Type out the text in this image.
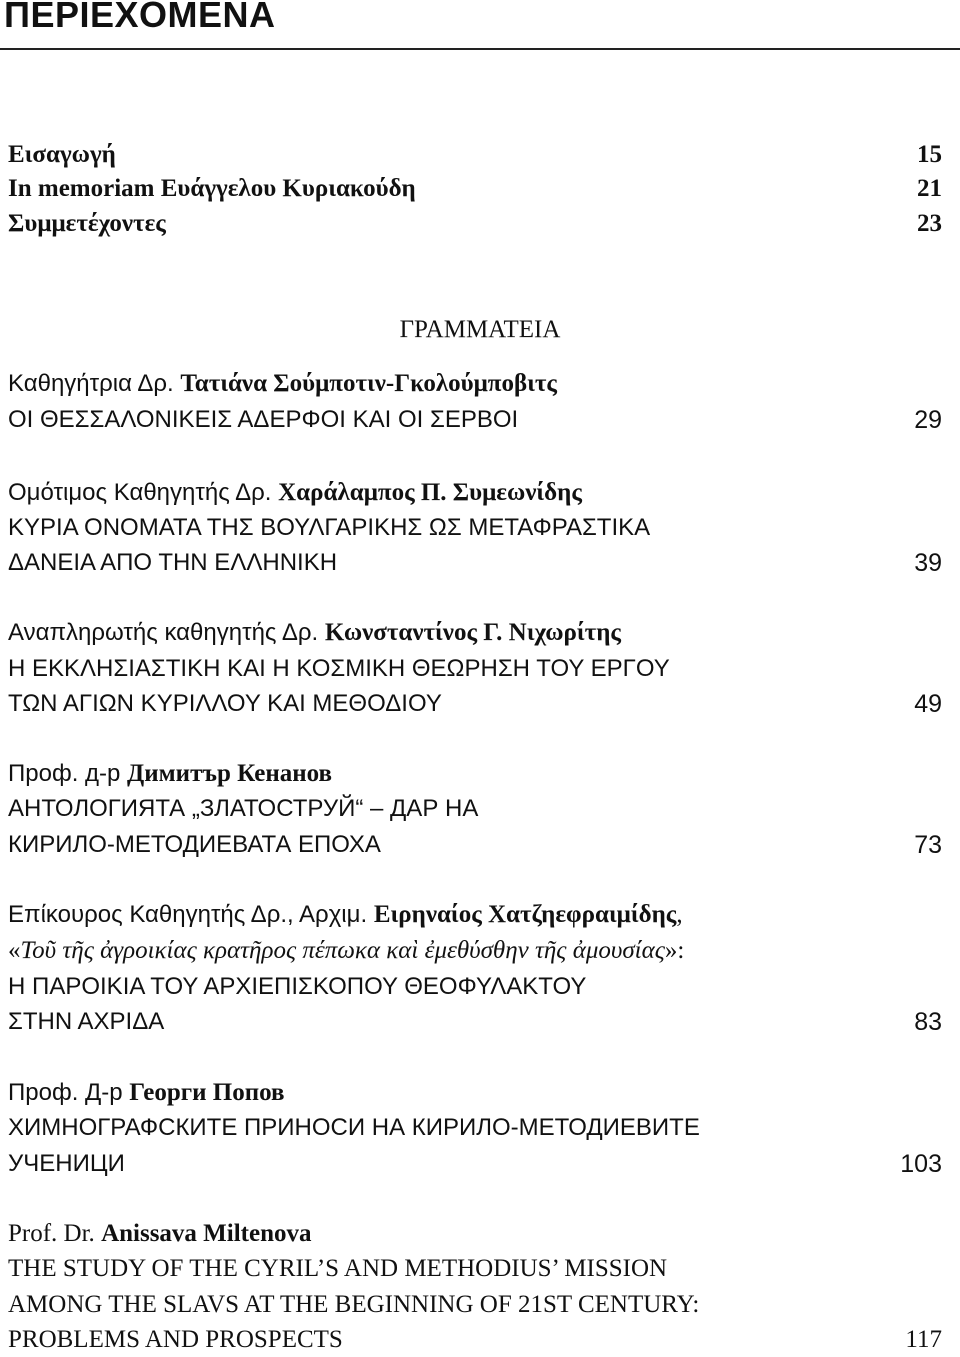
ΠΕΡΙΕΧΟΜΕΝΑ
Εισαγωγή	15
In memoriam Ευάγγελου Κυριακούδη	21
Συμμετέχοντες	23
ΓΡΑΜΜΑΤΕΙΑ
Καθηγήτρια Δρ. Τατιάνα Σούμποτιν-Γκολούμποβιτς
ΟΙ ΘΕΣΣΑΛΟΝΙΚΕΙΣ ΑΔΕΡΦΟΙ ΚΑΙ ΟΙ ΣΕΡΒΟΙ	29
Ομότιμος Καθηγητής Δρ. Χαράλαμπος Π. Συμεωνίδης
ΚΥΡΙΑ ΟΝΟΜΑΤΑ ΤΗΣ ΒΟΥΛΓΑΡΙΚΗΣ ΩΣ ΜΕΤΑΦΡΑΣΤΙΚΑ
ΔΑΝΕΙΑ ΑΠΟ ΤΗΝ ΕΛΛΗΝΙΚΗ	39
Αναπληρωτής καθηγητής Δρ. Κωνσταντίνος Γ. Νιχωρίτης
Η ΕΚΚΛΗΣΙΑΣΤΙΚΗ ΚΑΙ Η ΚΟΣΜΙΚΗ ΘΕΩΡΗΣΗ ΤΟΥ ΕΡΓΟΥ
ΤΩΝ ΑΓΙΩΝ ΚΥΡΙΛΛΟΥ ΚΑΙ ΜΕΘΟΔΙΟΥ	49
Проф. д-р Димитър Кенанов
АНТОЛОГИЯТА „ЗЛАТОСТРУЙ“ – ДАР НА
КИРИЛО-МЕТОДИЕВАТА ЕПОХА	73
Επίκουρος Καθηγητής Δρ., Αρχιμ. Ειρηναίος Χατζηεφραιμίδης,
«Τοῦ τῆς ἀγροικίας κρατῆρος πέπωκα καὶ ἐμεθύσθην τῆς ἀμουσίας»:
Η ΠΑΡΟΙΚΙΑ ΤΟΥ ΑΡΧΙΕΠΙΣΚΟΠΟΥ ΘΕΟΦΥΛΑΚΤΟΥ
ΣΤΗΝ ΑΧΡΙΔΑ	83
Проф. Д-р Георги Попов
ХИМНОГРАФСКИТЕ ПРИНОСИ НА КИРИЛО-МЕТОДИЕВИТЕ
УЧЕНИЦИ	103
Prof. Dr. Anissava Miltenova
THE STUDY OF THE CYRIL’S AND METHODIUS’ MISSION
AMONG THE SLAVS AT THE BEGINNING OF 21ST CENTURY:
PROBLEMS AND PROSPECTS	117
